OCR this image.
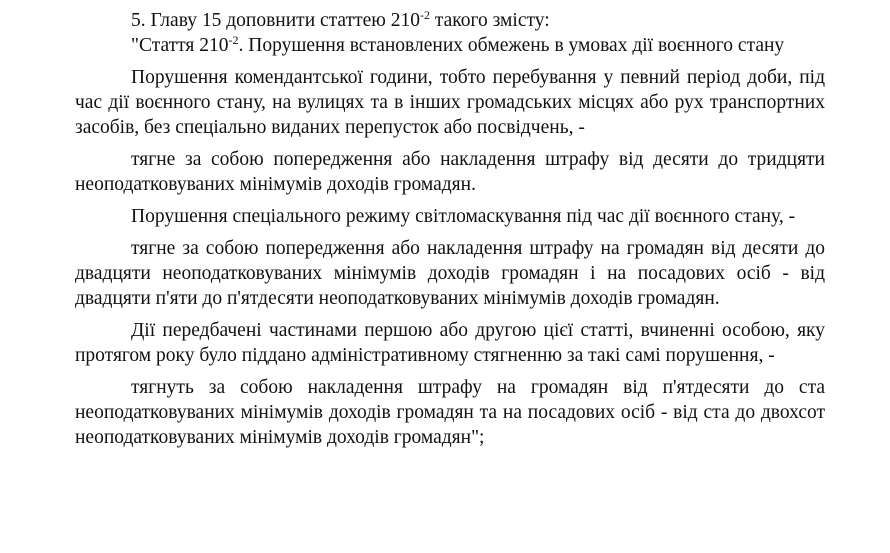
5. Главу 15 доповнити статтею $210^{-2}$ такого змісту:

"Стаття $210^{-2}$. Порушення встановлених обмежень в умовах дії воєнного стану

Порушення комендантської години, тобто перебування у певний період доби, під час дії воєнного стану, на вулицях та в інших громадських місцях або рух транспортних засобів, без спеціально виданих перепусток або посвідчень, -

тягне за собою попередження або накладення штрафу від десяти до тридцяти неоподатковуваних мінімумів доходів громадян.

Порушення спеціального режиму світломаскування під час дії воєнного стану, -

тягне за собою попередження або накладення штрафу на громадян від десяти до двадцяти неоподатковуваних мінімумів доходів громадян і на посадових осіб - від двадцяти п'яти до п'ятдесяти неоподатковуваних мінімумів доходів громадян.

Дії передбачені частинами першою або другою цієї статті, вчиненні особою, яку протягом року було піддано адміністративному стягненню за такі самі порушення, -

тягнуть за собою накладення штрафу на громадян від п'ятдесяти до ста неоподатковуваних мінімумів доходів громадян та на посадових осіб - від ста до двохсот неоподатковуваних мінімумів доходів громадян";
